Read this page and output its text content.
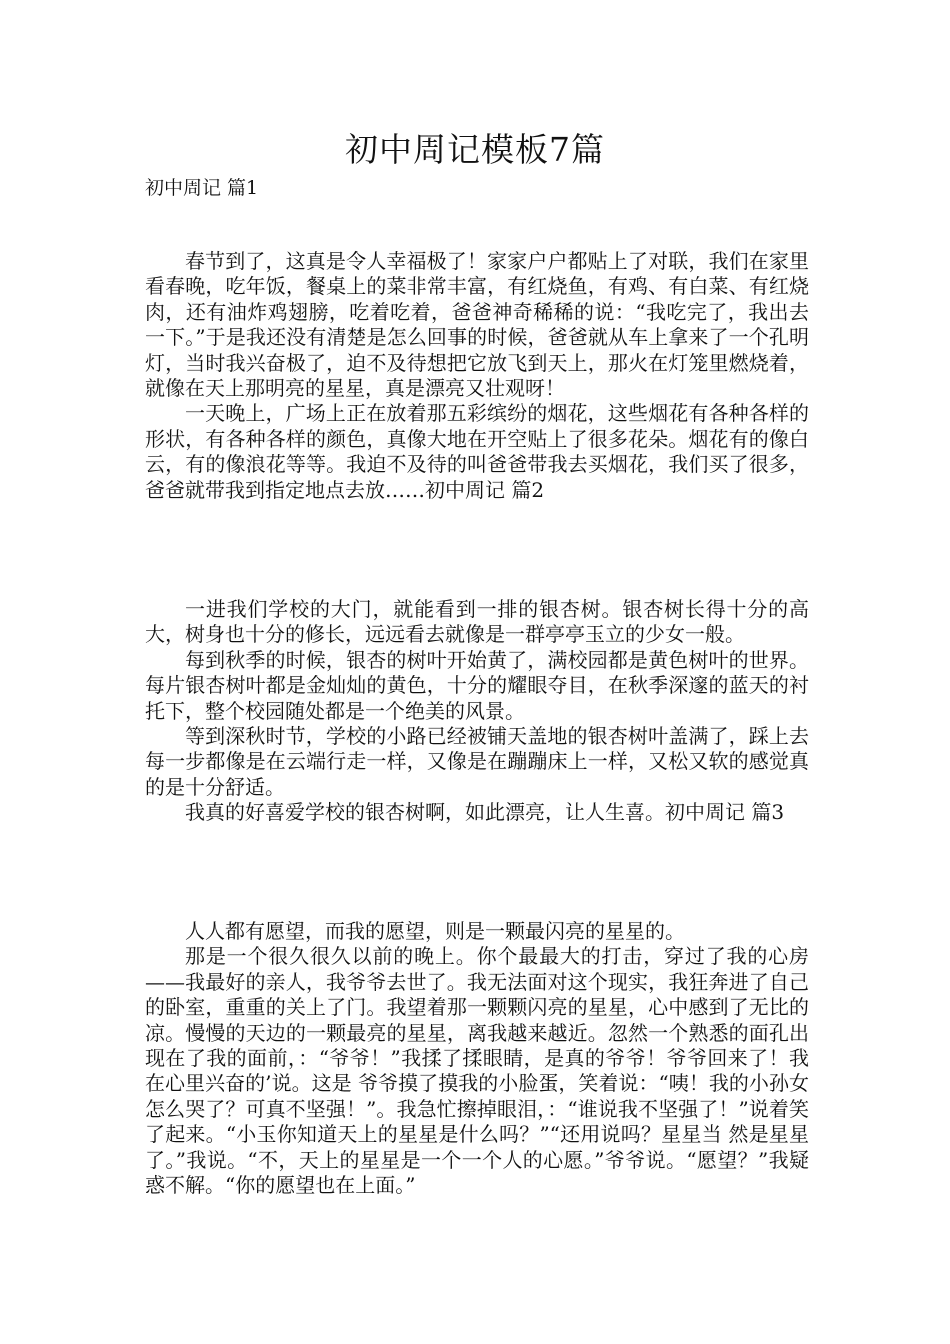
初中周记模板7篇
初中周记 篇1

春节到了，这真是令人幸福极了！家家户户都贴上了对联，我们在家里看春晚，吃年饭，餐桌上的菜非常丰富，有红烧鱼，有鸡、有白菜、有红烧肉，还有油炸鸡翅膀，吃着吃着，爸爸神奇稀稀的说：“我吃完了，我出去一下。”于是我还没有清楚是怎么回事的时候，爸爸就从车上拿来了一个孔明灯，当时我兴奋极了，迫不及待想把它放飞到天上，那火在灯笼里燃烧着，就像在天上那明亮的星星，真是漂亮又壮观呀！

一天晚上，广场上正在放着那五彩缤纷的烟花，这些烟花有各种各样的形状，有各种各样的颜色，真像大地在开空贴上了很多花朵。烟花有的像白云，有的像浪花等等。我迫不及待的叫爸爸带我去买烟花，我们买了很多，爸爸就带我到指定地点去放……初中周记 篇2

一进我们学校的大门，就能看到一排的银杏树。银杏树长得十分的高大，树身也十分的修长，远远看去就像是一群亭亭玉立的少女一般。

每到秋季的时候，银杏的树叶开始黄了，满校园都是黄色树叶的世界。每片银杏树叶都是金灿灿的黄色，十分的耀眼夺目，在秋季深邃的蓝天的衬托下，整个校园随处都是一个绝美的风景。

等到深秋时节，学校的小路已经被铺天盖地的银杏树叶盖满了，踩上去每一步都像是在云端行走一样，又像是在蹦蹦床上一样，又松又软的感觉真的是十分舒适。

我真的好喜爱学校的银杏树啊，如此漂亮，让人生喜。初中周记 篇3

人人都有愿望，而我的愿望，则是一颗最闪亮的星星的。

那是一个很久很久以前的晚上。你个最最大的打击，穿过了我的心房——我最好的亲人，我爷爷去世了。我无法面对这个现实，我狂奔进了自己的卧室，重重的关上了门。我望着那一颗颗闪亮的星星，心中感到了无比的凉。慢慢的天边的一颗最亮的星星，离我越来越近。忽然一个熟悉的面孔出现在了我的面前，：“爷爷！”我揉了揉眼睛，是真的爷爷！爷爷回来了！我在心里兴奋的’说。这是 爷爷摸了摸我的小脸蛋，笑着说：“咦！我的小孙女怎么哭了？可真不坚强！”。我急忙擦掉眼泪，：“谁说我不坚强了！”说着笑了起来。“小玉你知道天上的星星是什么吗？”“还用说吗？星星当 然是星星了。”我说。“不，天上的星星是一个一个人的心愿。”爷爷说。“愿望？”我疑惑不解。“你的愿望也在上面。”
